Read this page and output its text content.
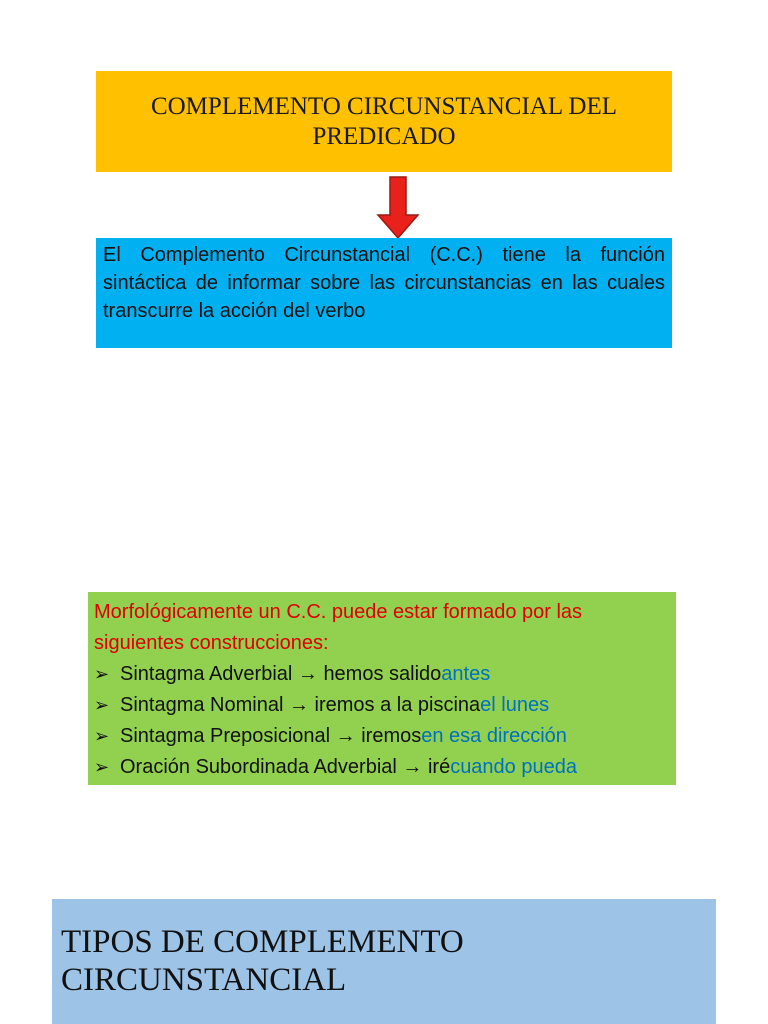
COMPLEMENTO CIRCUNSTANCIAL DEL PREDICADO
El Complemento Circunstancial (C.C.) tiene la función sintáctica de informar sobre las circunstancias en las cuales transcurre la acción del verbo
Morfológicamente un C.C. puede estar formado por las siguientes construcciones:
➢ Sintagma Adverbial → hemos salido antes
➢ Sintagma Nominal → iremos a la piscina el lunes
➢ Sintagma Preposicional → iremos en esa dirección
➢ Oración Subordinada Adverbial → iré cuando pueda
TIPOS DE COMPLEMENTO CIRCUNSTANCIAL
